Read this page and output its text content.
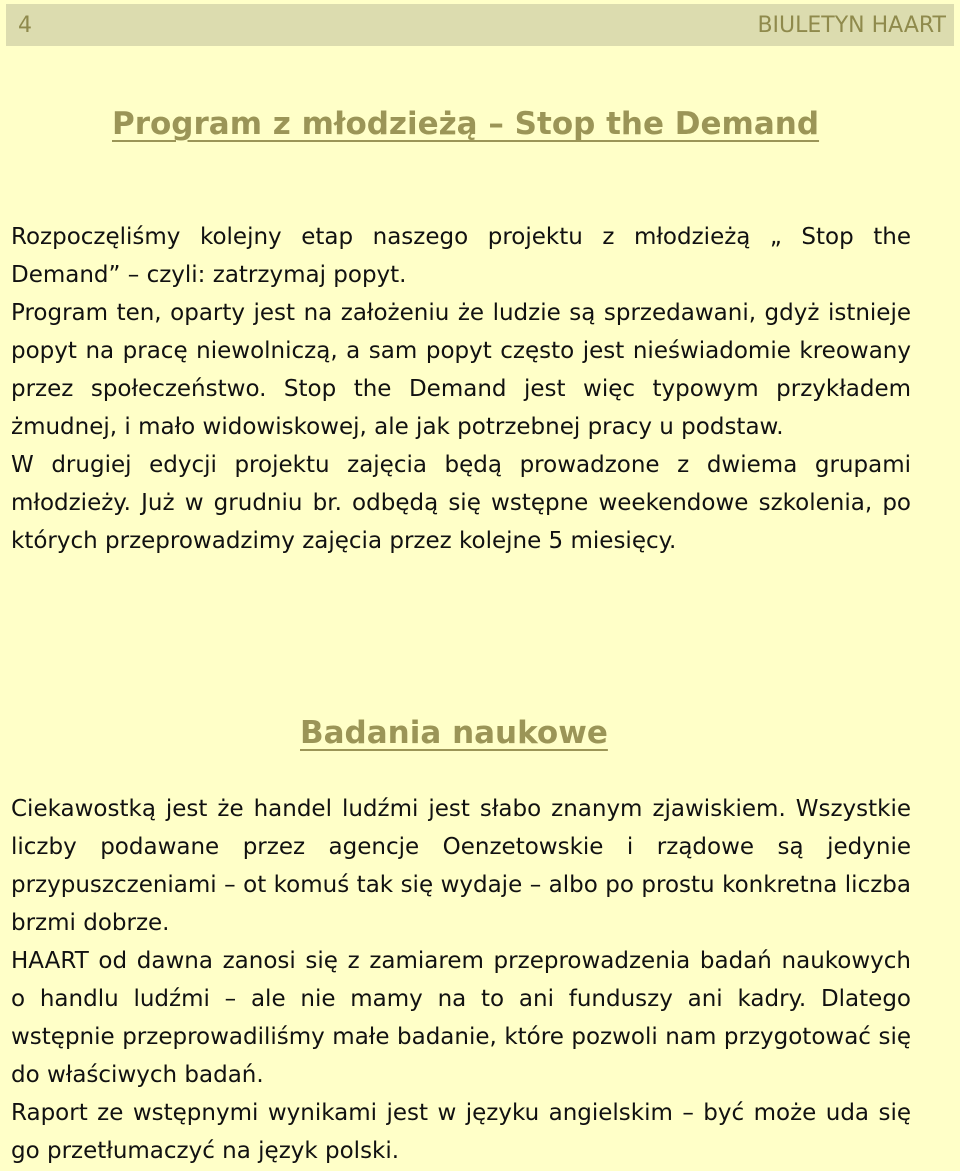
4	BIULETYN HAART
Program z młodzieżą – Stop the Demand

Rozpoczęliśmy kolejny etap naszego projektu z młodzieżą „ Stop the Demand” – czyli: zatrzymaj popyt.

Program ten, oparty jest na założeniu że ludzie są sprzedawani, gdyż istnieje popyt na pracę niewolniczą, a sam popyt często jest nieświadomie kreowany przez społeczeństwo. Stop the Demand jest więc typowym przykładem żmudnej, i mało widowiskowej, ale jak potrzebnej pracy u podstaw.

W drugiej edycji projektu zajęcia będą prowadzone z dwiema grupami młodzieży. Już w grudniu br. odbędą się wstępne weekendowe szkolenia, po których przeprowadzimy zajęcia przez kolejne 5 miesięcy.

Badania naukowe

Ciekawostką jest że handel ludźmi jest słabo znanym zjawiskiem. Wszystkie liczby podawane przez agencje Oenzetowskie i rządowe są jedynie przypuszczeniami – ot komuś tak się wydaje – albo po prostu konkretna liczba brzmi dobrze.

HAART od dawna zanosi się z zamiarem przeprowadzenia badań naukowych o handlu ludźmi – ale nie mamy na to ani funduszy ani kadry. Dlatego wstępnie przeprowadiliśmy małe badanie, które pozwoli nam przygotować się do właściwych badań.

Raport ze wstępnymi wynikami jest w języku angielskim – być może uda się go przetłumaczyć na język polski.
